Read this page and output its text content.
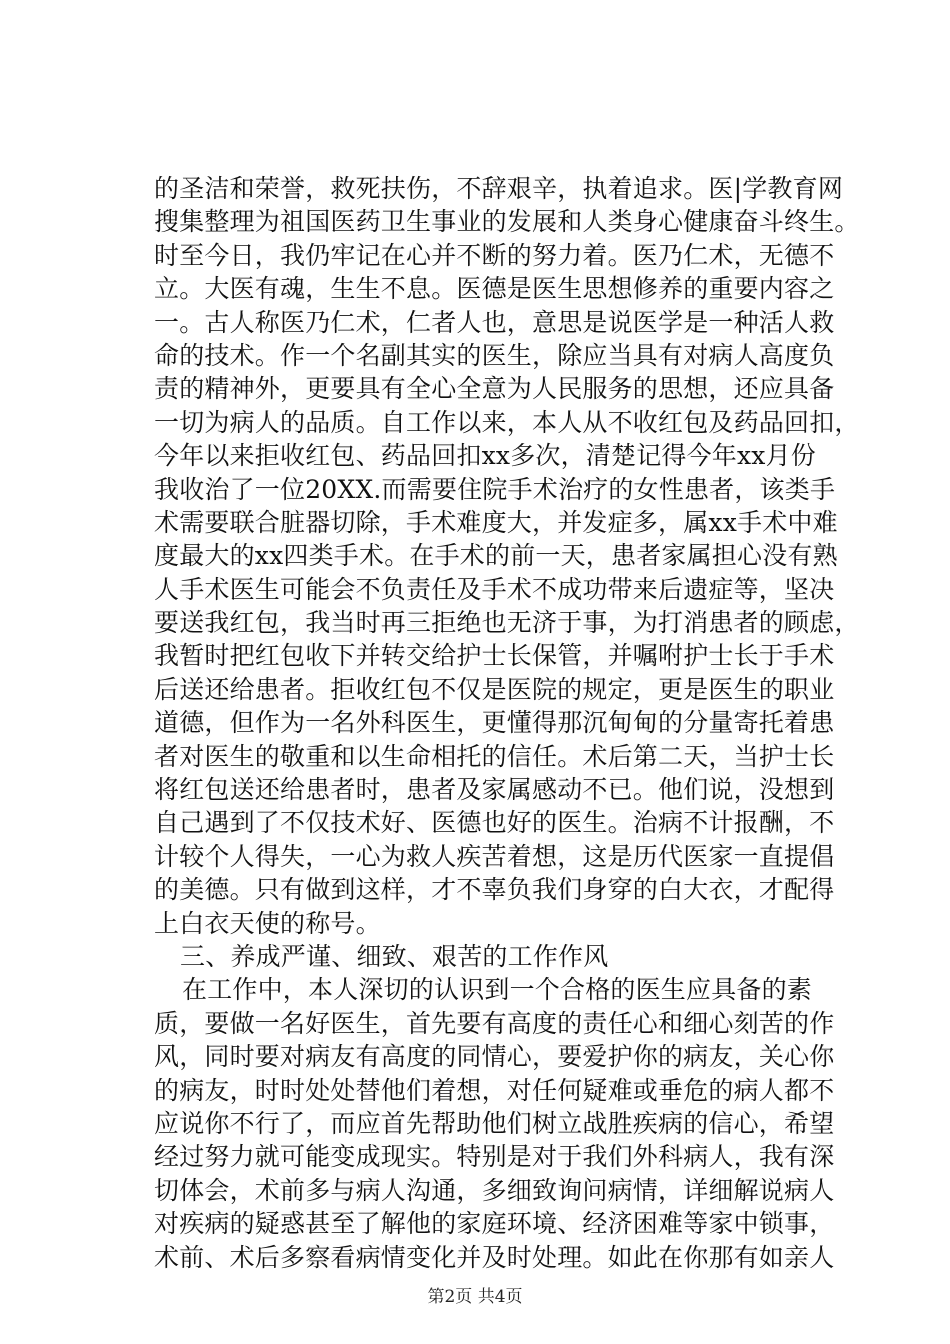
的圣洁和荣誉，救死扶伤，不辞艰辛，执着追求。医|学教育网
搜集整理为祖国医药卫生事业的发展和人类身心健康奋斗终生。
时至今日，我仍牢记在心并不断的努力着。医乃仁术，无德不
立。大医有魂，生生不息。医德是医生思想修养的重要内容之
一。古人称医乃仁术，仁者人也，意思是说医学是一种活人救
命的技术。作一个名副其实的医生，除应当具有对病人高度负
责的精神外，更要具有全心全意为人民服务的思想，还应具备
一切为病人的品质。自工作以来，本人从不收红包及药品回扣，
今年以来拒收红包、药品回扣xx多次，清楚记得今年xx月份
我收治了一位20XX.而需要住院手术治疗的女性患者，该类手
术需要联合脏器切除，手术难度大，并发症多，属xx手术中难
度最大的xx四类手术。在手术的前一天，患者家属担心没有熟
人手术医生可能会不负责任及手术不成功带来后遗症等，坚决
要送我红包，我当时再三拒绝也无济于事，为打消患者的顾虑，
我暂时把红包收下并转交给护士长保管，并嘱咐护士长于手术
后送还给患者。拒收红包不仅是医院的规定，更是医生的职业
道德，但作为一名外科医生，更懂得那沉甸甸的分量寄托着患
者对医生的敬重和以生命相托的信任。术后第二天，当护士长
将红包送还给患者时，患者及家属感动不已。他们说，没想到
自己遇到了不仅技术好、医德也好的医生。治病不计报酬，不
计较个人得失，一心为救人疾苦着想，这是历代医家一直提倡
的美德。只有做到这样，才不辜负我们身穿的白大衣，才配得
上白衣天使的称号。
三、养成严谨、细致、艰苦的工作作风
在工作中，本人深切的认识到一个合格的医生应具备的素
质，要做一名好医生，首先要有高度的责任心和细心刻苦的作
风，同时要对病友有高度的同情心，要爱护你的病友，关心你
的病友，时时处处替他们着想，对任何疑难或垂危的病人都不
应说你不行了，而应首先帮助他们树立战胜疾病的信心，希望
经过努力就可能变成现实。特别是对于我们外科病人，我有深
切体会，术前多与病人沟通，多细致询问病情，详细解说病人
对疾病的疑惑甚至了解他的家庭环境、经济困难等家中锁事，
术前、术后多察看病情变化并及时处理。如此在你那有如亲人
第2页 共4页
